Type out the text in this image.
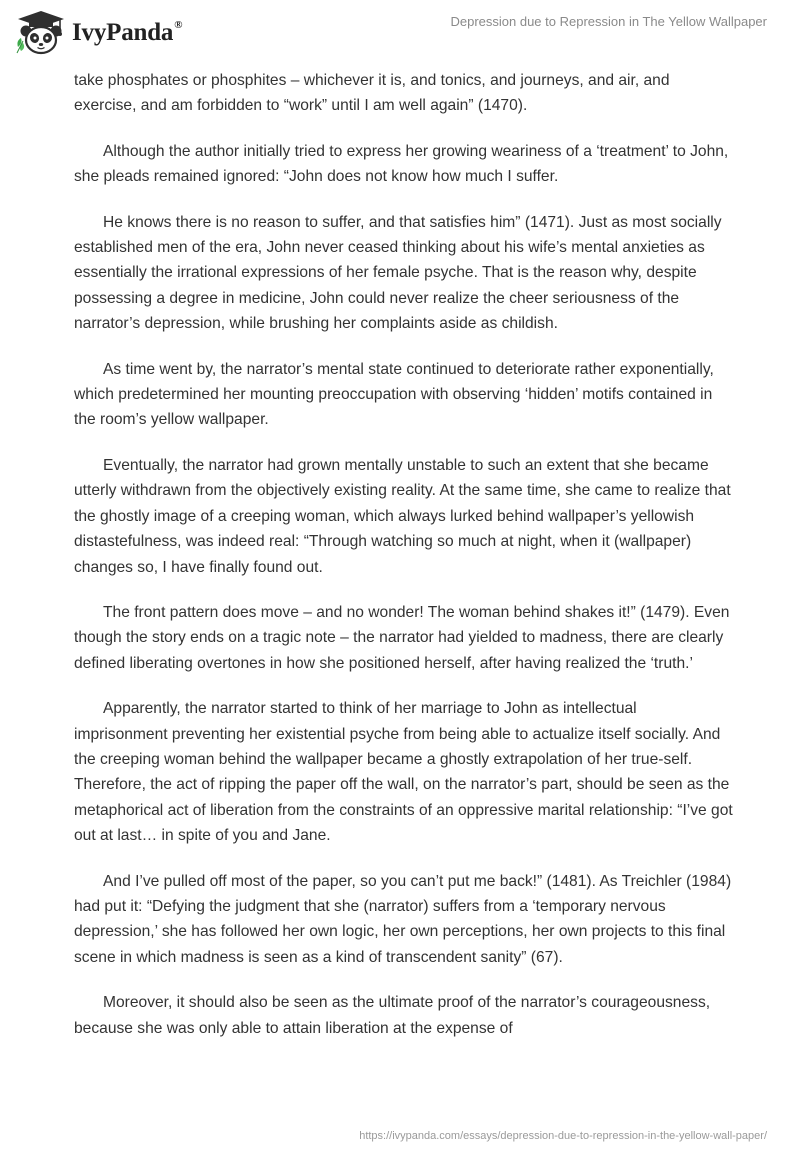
IvyPanda®	Depression due to Repression in The Yellow Wallpaper

take phosphates or phosphites – whichever it is, and tonics, and journeys, and air, and exercise, and am forbidden to “work” until I am well again” (1470).

Although the author initially tried to express her growing weariness of a ‘treatment’ to John, she pleads remained ignored: “John does not know how much I suffer.

He knows there is no reason to suffer, and that satisfies him” (1471). Just as most socially established men of the era, John never ceased thinking about his wife’s mental anxieties as essentially the irrational expressions of her female psyche. That is the reason why, despite possessing a degree in medicine, John could never realize the cheer seriousness of the narrator’s depression, while brushing her complaints aside as childish.

As time went by, the narrator’s mental state continued to deteriorate rather exponentially, which predetermined her mounting preoccupation with observing ‘hidden’ motifs contained in the room’s yellow wallpaper.

Eventually, the narrator had grown mentally unstable to such an extent that she became utterly withdrawn from the objectively existing reality. At the same time, she came to realize that the ghostly image of a creeping woman, which always lurked behind wallpaper’s yellowish distastefulness, was indeed real: “Through watching so much at night, when it (wallpaper) changes so, I have finally found out.

The front pattern does move – and no wonder! The woman behind shakes it!” (1479). Even though the story ends on a tragic note – the narrator had yielded to madness, there are clearly defined liberating overtones in how she positioned herself, after having realized the ‘truth.’

Apparently, the narrator started to think of her marriage to John as intellectual imprisonment preventing her existential psyche from being able to actualize itself socially. And the creeping woman behind the wallpaper became a ghostly extrapolation of her true-self. Therefore, the act of ripping the paper off the wall, on the narrator’s part, should be seen as the metaphorical act of liberation from the constraints of an oppressive marital relationship: “I’ve got out at last… in spite of you and Jane.

And I’ve pulled off most of the paper, so you can’t put me back!” (1481). As Treichler (1984) had put it: “Defying the judgment that she (narrator) suffers from a ‘temporary nervous depression,’ she has followed her own logic, her own perceptions, her own projects to this final scene in which madness is seen as a kind of transcendent sanity” (67).

Moreover, it should also be seen as the ultimate proof of the narrator’s courageousness, because she was only able to attain liberation at the expense of

https://ivypanda.com/essays/depression-due-to-repression-in-the-yellow-wall-paper/
